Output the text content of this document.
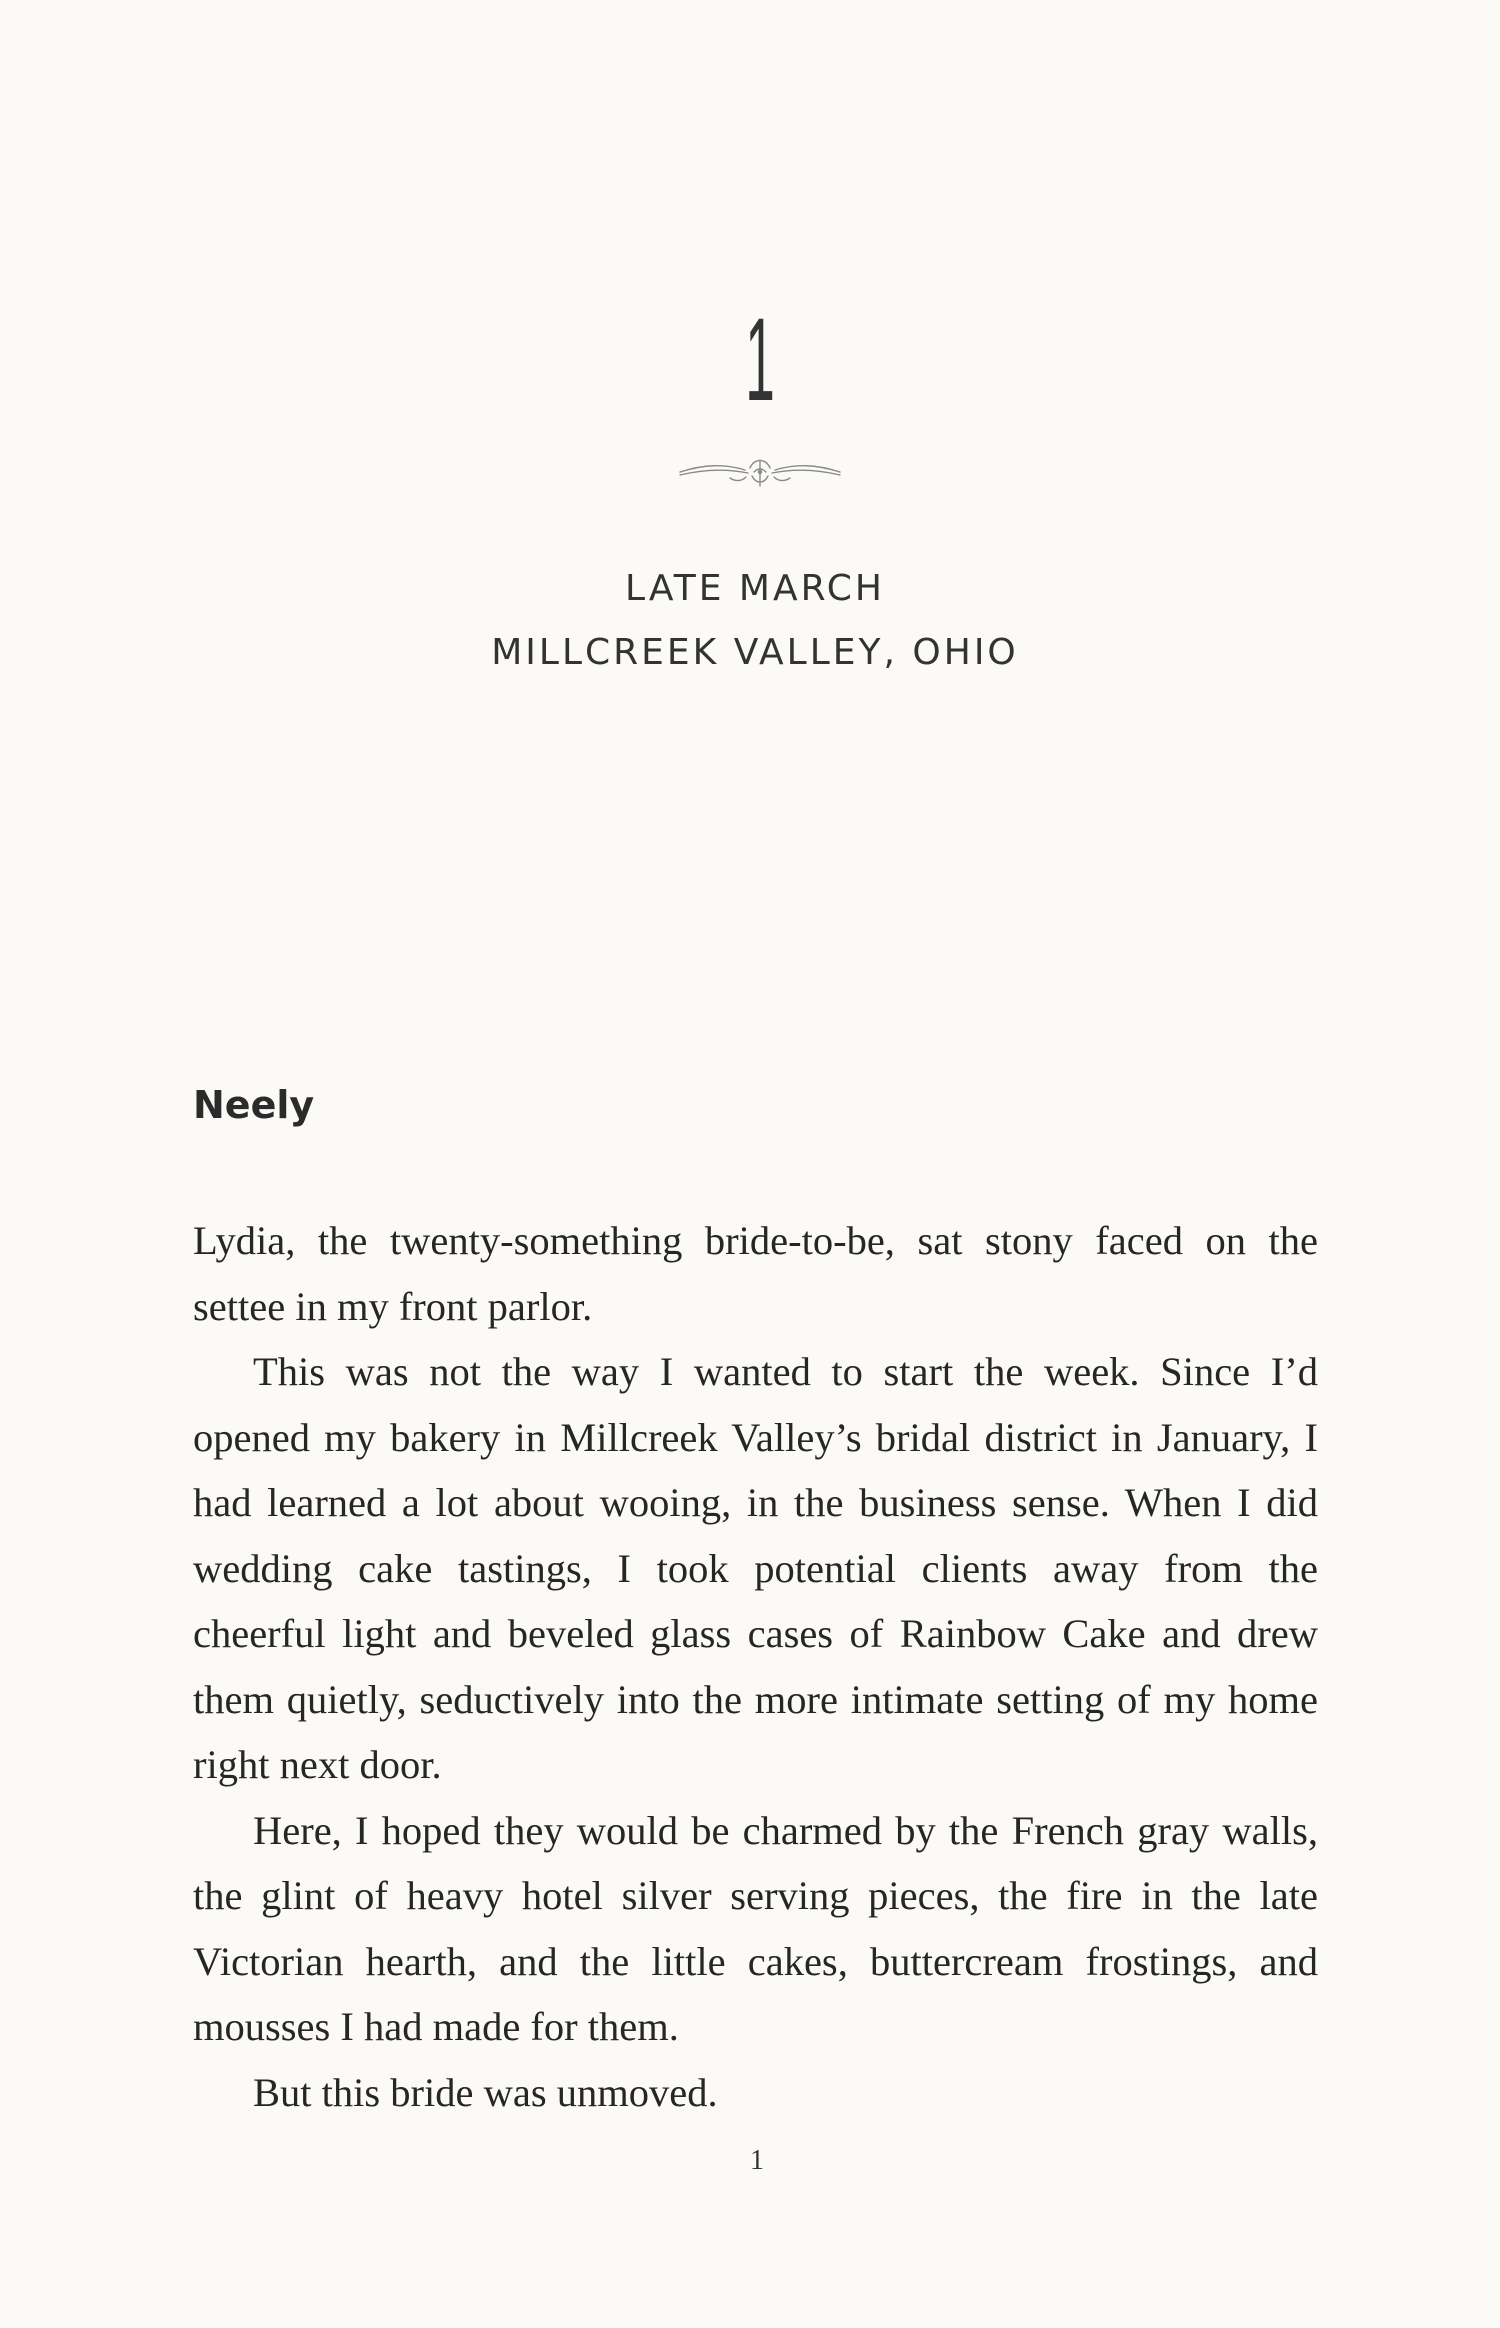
1
LATE MARCH
MILLCREEK VALLEY, OHIO
Neely

Lydia, the twenty-something bride-to-be, sat stony faced on the settee in my front parlor.

This was not the way I wanted to start the week. Since I’d opened my bakery in Millcreek Valley’s bridal district in January, I had learned a lot about wooing, in the business sense. When I did wedding cake tastings, I took potential clients away from the cheerful light and beveled glass cases of Rainbow Cake and drew them quietly, seductively into the more intimate setting of my home right next door.

Here, I hoped they would be charmed by the French gray walls, the glint of heavy hotel silver serving pieces, the fire in the late Victorian hearth, and the little cakes, buttercream frostings, and mousses I had made for them.

But this bride was unmoved.

1
